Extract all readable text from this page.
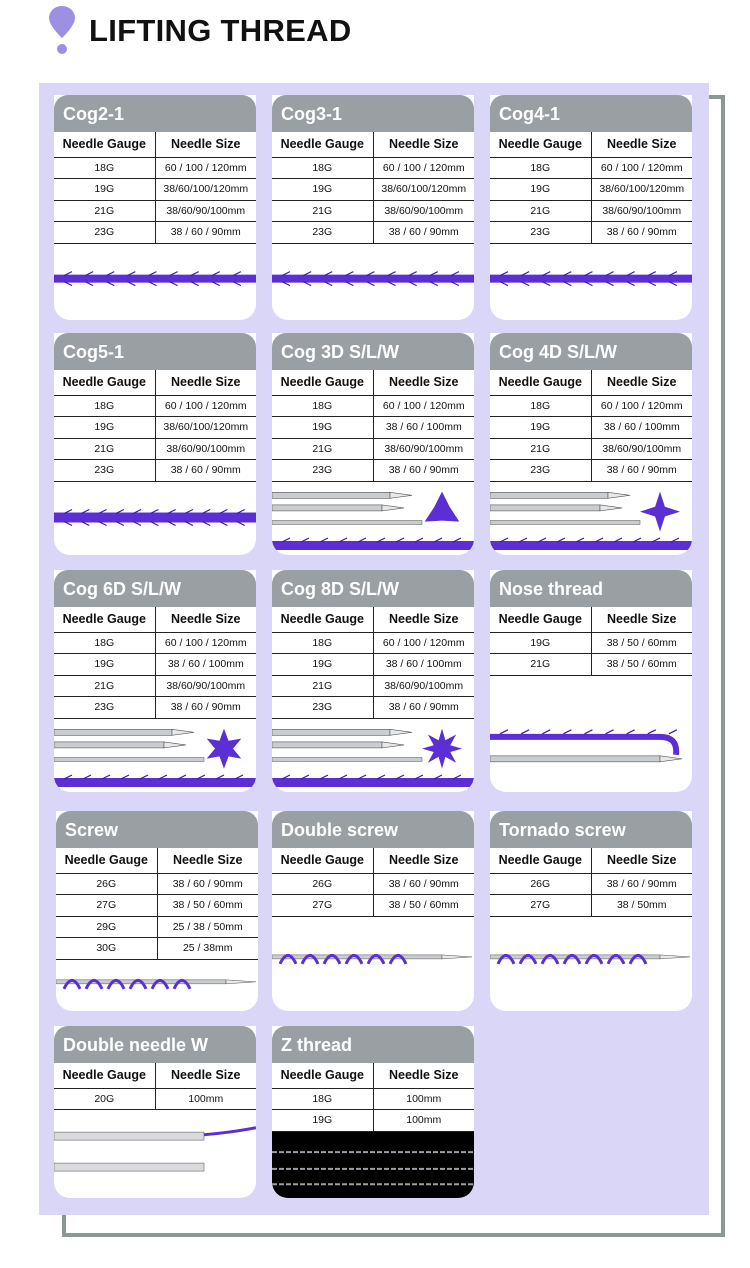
LIFTING THREAD
Cog2-1
Needle Gauge	Needle Size
18G	60 / 100 / 120mm
19G	38/60/100/120mm
21G	38/60/90/100mm
23G	38 / 60 / 90mm
Cog3-1
Needle Gauge	Needle Size
18G	60 / 100 / 120mm
19G	38/60/100/120mm
21G	38/60/90/100mm
23G	38 / 60 / 90mm
Cog4-1
Needle Gauge	Needle Size
18G	60 / 100 / 120mm
19G	38/60/100/120mm
21G	38/60/90/100mm
23G	38 / 60 / 90mm
Cog5-1
Needle Gauge	Needle Size
18G	60 / 100 / 120mm
19G	38/60/100/120mm
21G	38/60/90/100mm
23G	38 / 60 / 90mm
Cog 3D S/L/W
Needle Gauge	Needle Size
18G	60 / 100 / 120mm
19G	38 / 60 / 100mm
21G	38/60/90/100mm
23G	38 / 60 / 90mm
Cog 4D S/L/W
Needle Gauge	Needle Size
18G	60 / 100 / 120mm
19G	38 / 60 / 100mm
21G	38/60/90/100mm
23G	38 / 60 / 90mm
Cog 6D S/L/W
Needle Gauge	Needle Size
18G	60 / 100 / 120mm
19G	38 / 60 / 100mm
21G	38/60/90/100mm
23G	38 / 60 / 90mm
Cog 8D S/L/W
Needle Gauge	Needle Size
18G	60 / 100 / 120mm
19G	38 / 60 / 100mm
21G	38/60/90/100mm
23G	38 / 60 / 90mm
Nose thread
Needle Gauge	Needle Size
19G	38 / 50 / 60mm
21G	38 / 50 / 60mm
Screw
Needle Gauge	Needle Size
26G	38 / 60 / 90mm
27G	38 / 50 / 60mm
29G	25 / 38 / 50mm
30G	25 / 38mm
Double screw
Needle Gauge	Needle Size
26G	38 / 60 / 90mm
27G	38 / 50 / 60mm
Tornado screw
Needle Gauge	Needle Size
26G	38 / 60 / 90mm
27G	38 / 50mm
Double needle W
Needle Gauge	Needle Size
20G	100mm
Z thread
Needle Gauge	Needle Size
18G	100mm
19G	100mm
